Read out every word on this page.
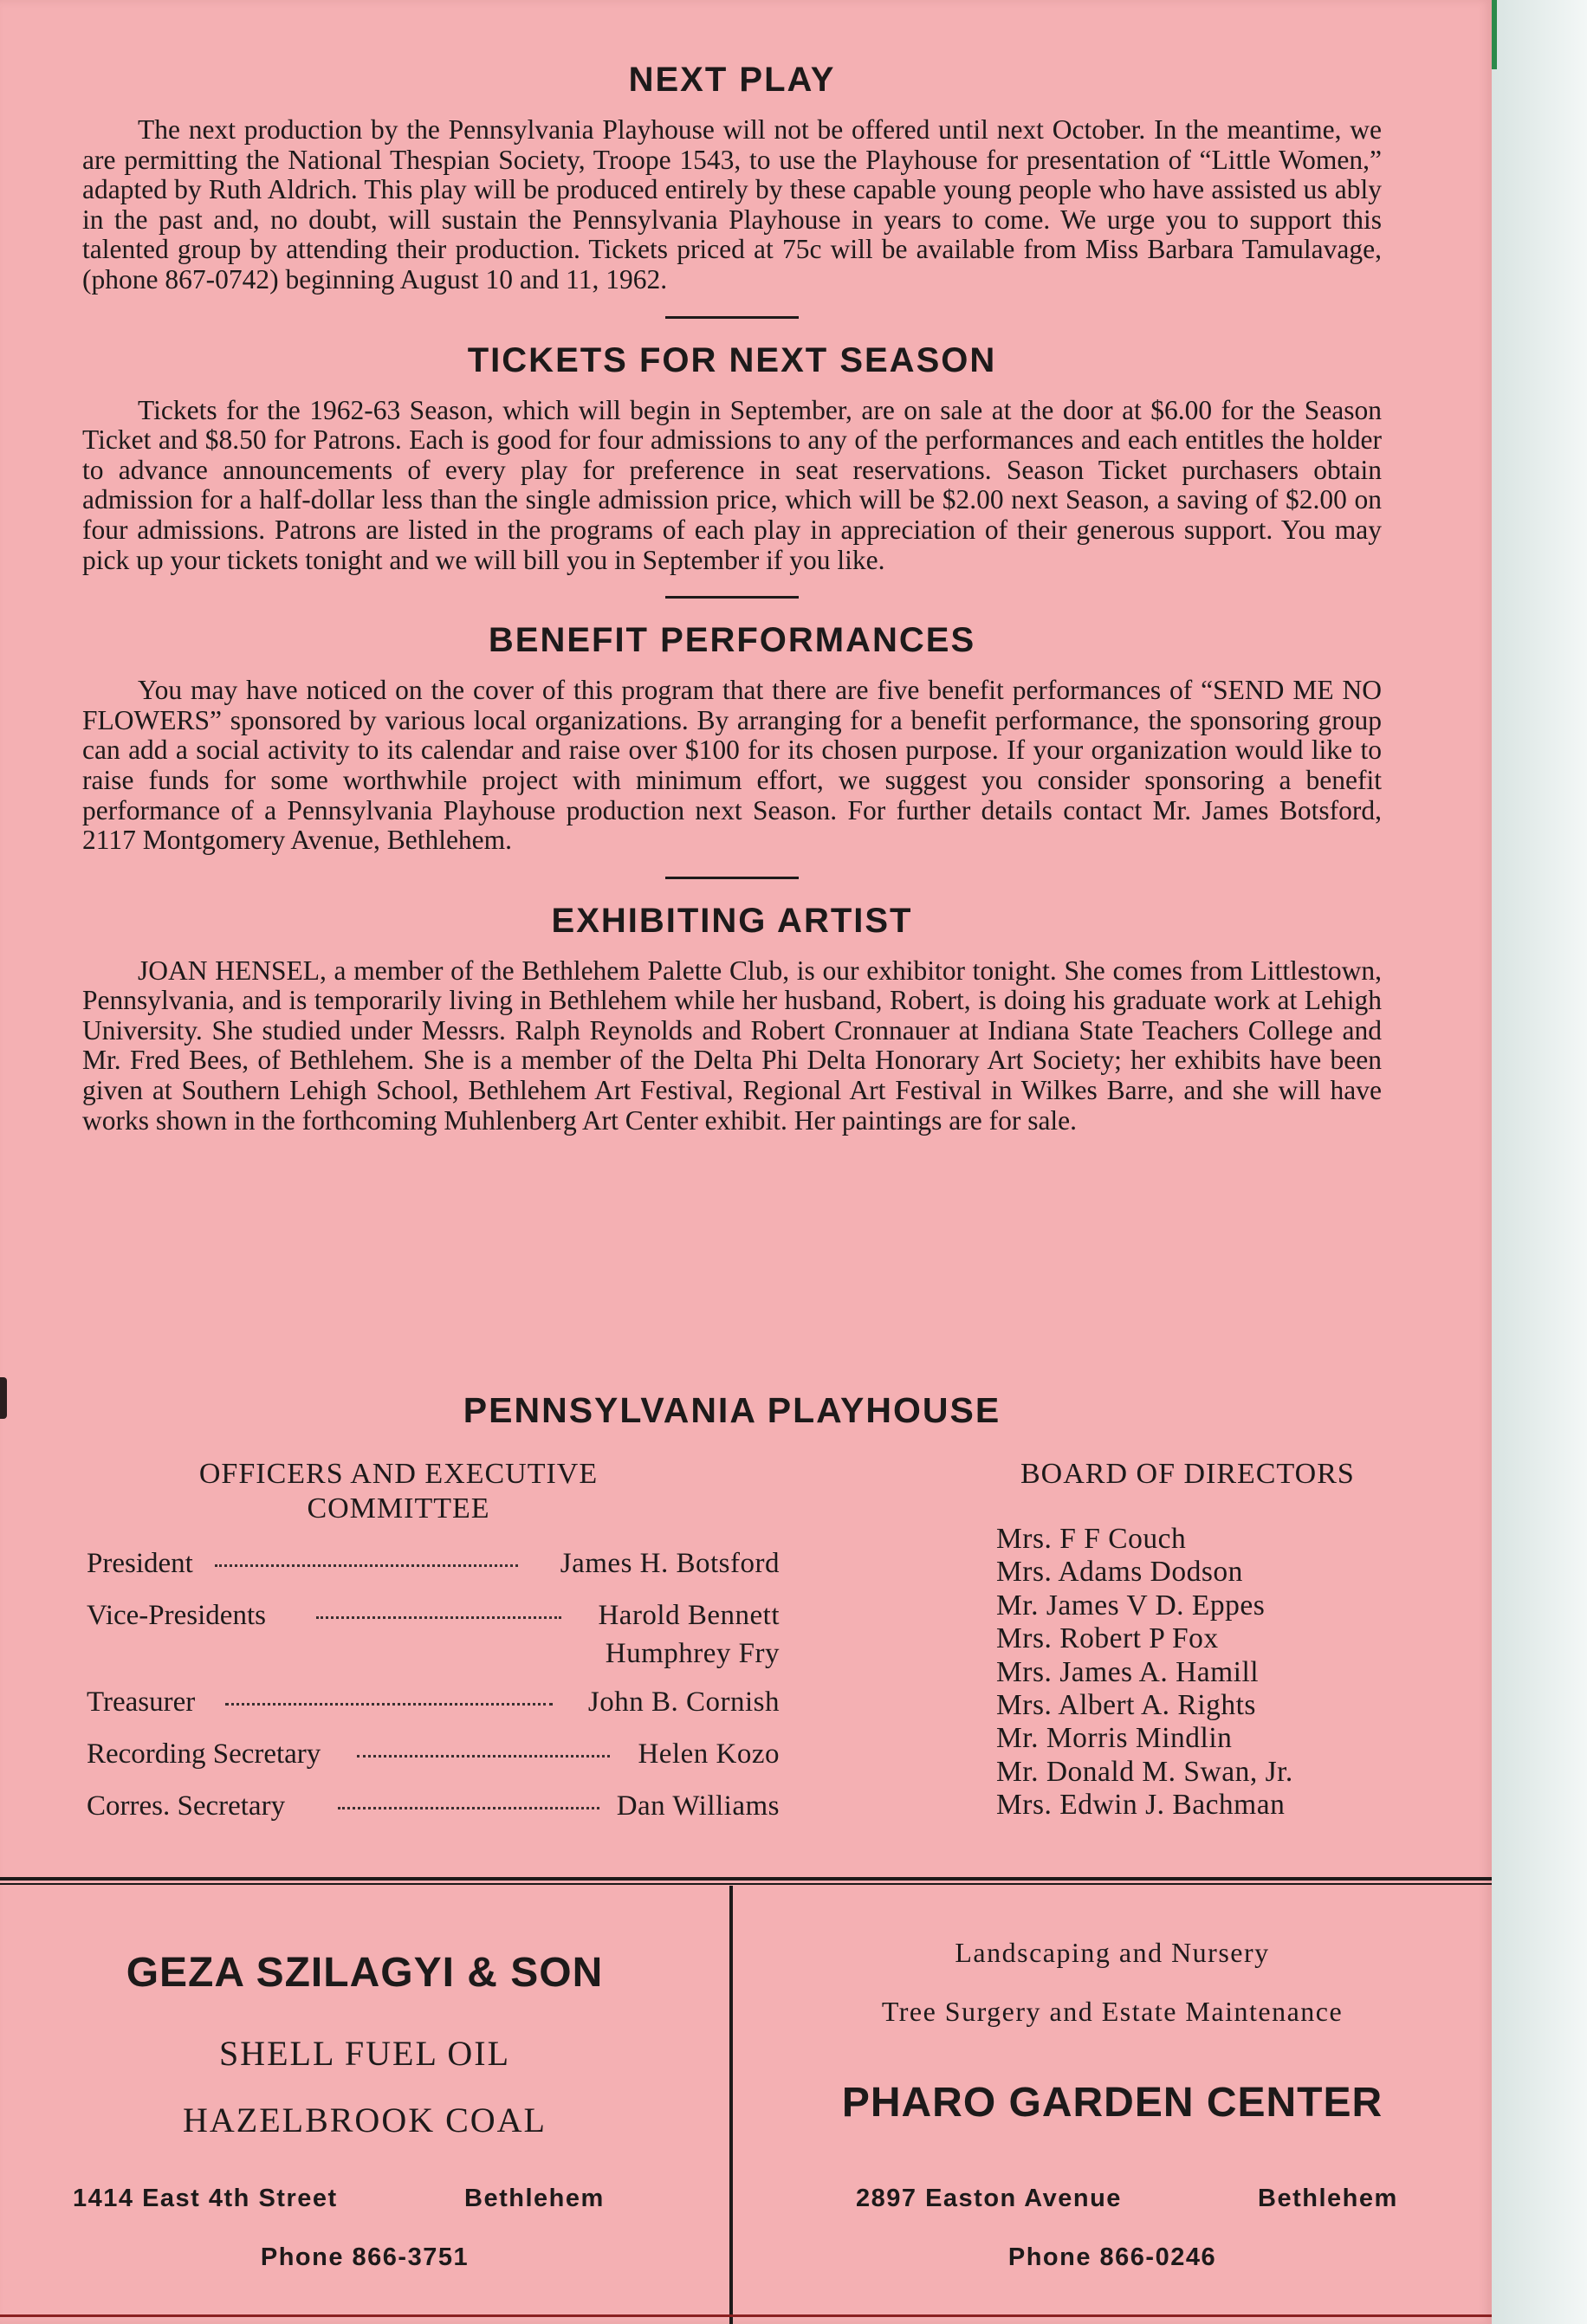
NEXT PLAY

The next production by the Pennsylvania Playhouse will not be offered until next October. In the meantime, we are permitting the National Thespian Society, Troope 1543, to use the Playhouse for presentation of “Little Women,” adapted by Ruth Aldrich. This play will be produced entirely by these capable young people who have assisted us ably in the past and, no doubt, will sustain the Pennsylvania Playhouse in years to come. We urge you to support this talented group by attending their production. Tickets priced at 75c will be available from Miss Barbara Tamulavage, (phone 867-0742) beginning August 10 and 11, 1962.

TICKETS FOR NEXT SEASON

Tickets for the 1962-63 Season, which will begin in September, are on sale at the door at $6.00 for the Season Ticket and $8.50 for Patrons. Each is good for four admissions to any of the performances and each entitles the holder to advance announcements of every play for preference in seat reservations. Season Ticket purchasers obtain admission for a half-dollar less than the single admission price, which will be $2.00 next Season, a saving of $2.00 on four admissions. Patrons are listed in the programs of each play in appreciation of their generous support. You may pick up your tickets tonight and we will bill you in September if you like.

BENEFIT PERFORMANCES

You may have noticed on the cover of this program that there are five benefit performances of “SEND ME NO FLOWERS” sponsored by various local organizations. By arranging for a benefit performance, the sponsoring group can add a social activity to its calendar and raise over $100 for its chosen purpose. If your organization would like to raise funds for some worthwhile project with minimum effort, we suggest you consider sponsoring a benefit performance of a Pennsylvania Playhouse production next Season. For further details contact Mr. James Botsford, 2117 Montgomery Avenue, Bethlehem.

EXHIBITING ARTIST

JOAN HENSEL, a member of the Bethlehem Palette Club, is our exhibitor tonight. She comes from Littlestown, Pennsylvania, and is temporarily living in Bethlehem while her husband, Robert, is doing his graduate work at Lehigh University. She studied under Messrs. Ralph Reynolds and Robert Cronnauer at Indiana State Teachers College and Mr. Fred Bees, of Bethlehem. She is a member of the Delta Phi Delta Honorary Art Society; her exhibits have been given at Southern Lehigh School, Bethlehem Art Festival, Regional Art Festival in Wilkes Barre, and she will have works shown in the forthcoming Muhlenberg Art Center exhibit. Her paintings are for sale.

PENNSYLVANIA PLAYHOUSE
OFFICERS AND EXECUTIVE
COMMITTEE
President	James H. Botsford
Vice-Presidents	Harold Bennett
Humphrey Fry
Treasurer	John B. Cornish
Recording Secretary	Helen Kozo
Corres. Secretary	Dan Williams
BOARD OF DIRECTORS
Mrs. F F Couch
Mrs. Adams Dodson
Mr. James V D. Eppes
Mrs. Robert P Fox
Mrs. James A. Hamill
Mrs. Albert A. Rights
Mr. Morris Mindlin
Mr. Donald M. Swan, Jr.
Mrs. Edwin J. Bachman
GEZA SZILAGYI & SON
SHELL FUEL OIL
HAZELBROOK COAL
1414 East 4th Street	Bethlehem
Phone 866-3751
Landscaping and Nursery
Tree Surgery and Estate Maintenance
PHARO GARDEN CENTER
2897 Easton Avenue	Bethlehem
Phone 866-0246
